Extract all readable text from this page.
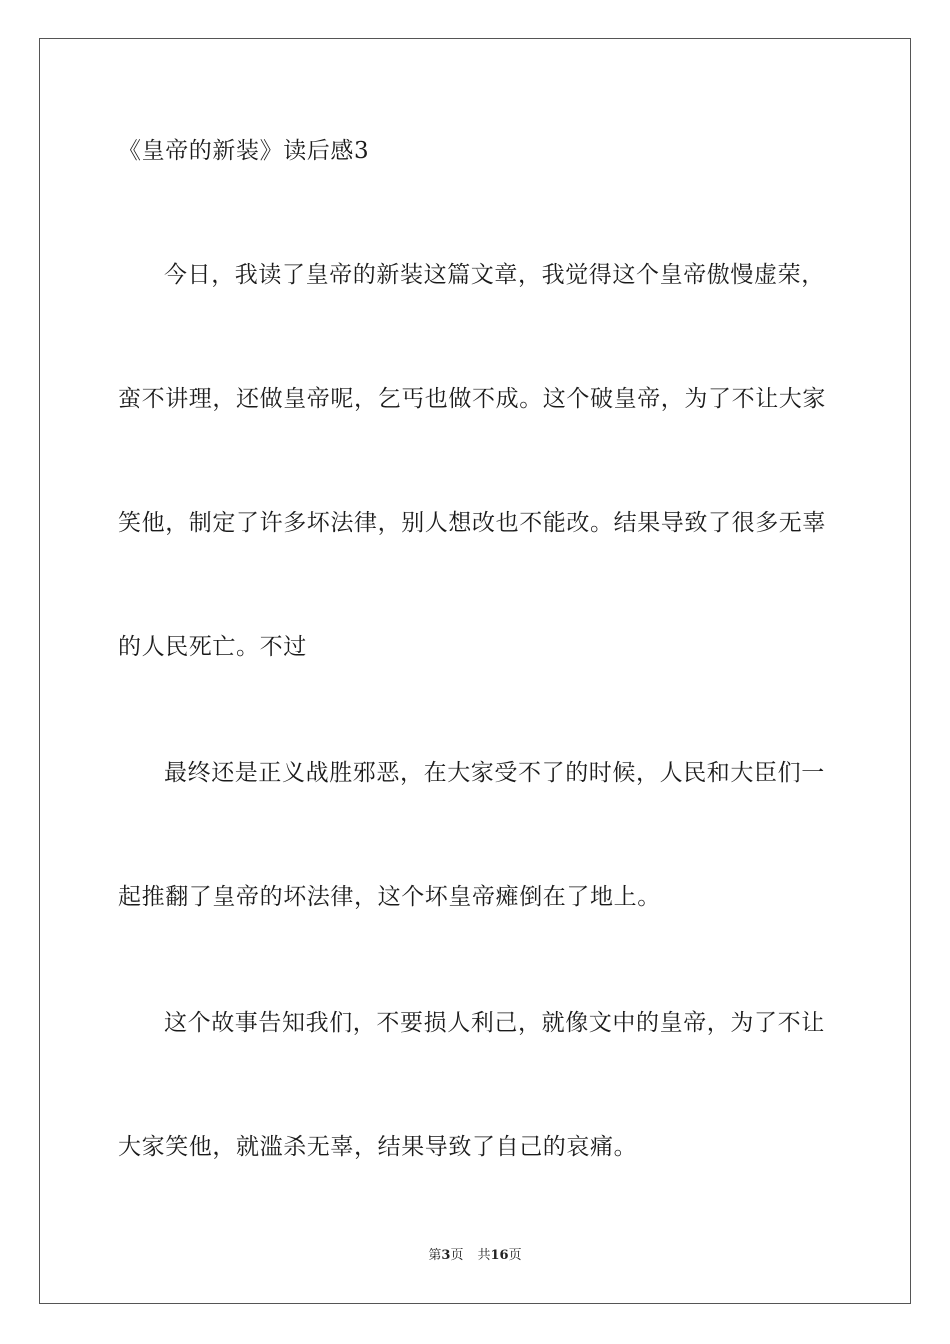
《皇帝的新装》读后感3
今日，我读了皇帝的新装这篇文章，我觉得这个皇帝傲慢虚荣，
蛮不讲理，还做皇帝呢，乞丐也做不成。这个破皇帝，为了不让大家
笑他，制定了许多坏法律，别人想改也不能改。结果导致了很多无辜
的人民死亡。不过
最终还是正义战胜邪恶，在大家受不了的时候，人民和大臣们一
起推翻了皇帝的坏法律，这个坏皇帝瘫倒在了地上。
这个故事告知我们，不要损人利己，就像文中的皇帝，为了不让
大家笑他，就滥杀无辜，结果导致了自己的哀痛。
第3页 共16页
